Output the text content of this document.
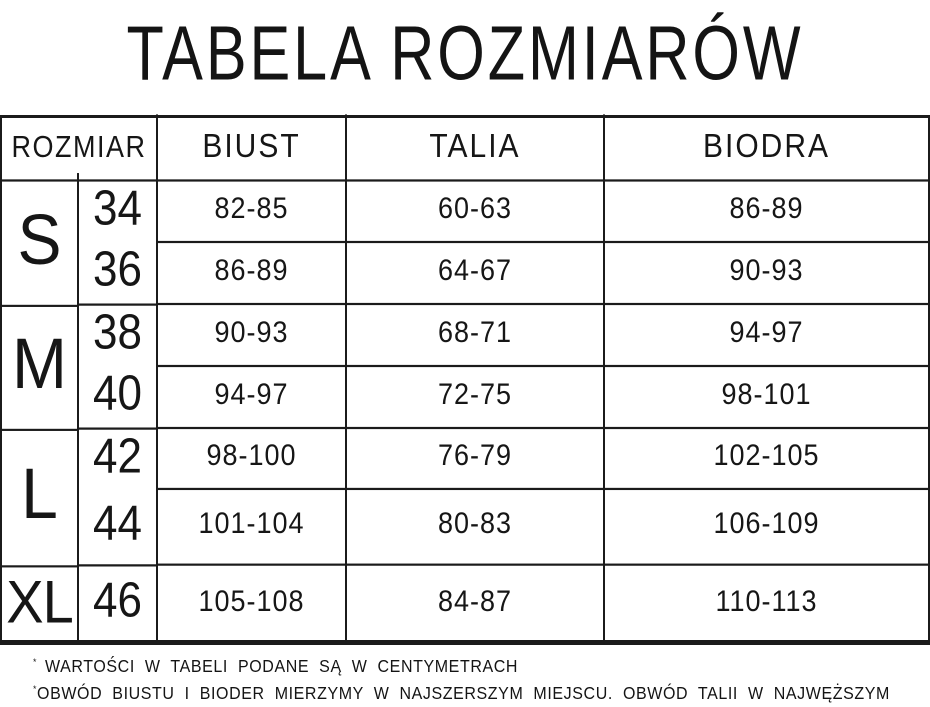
TABELA ROZMIARÓW
ROZMIAR	BIUST	TALIA	BIODRA
S 34	82-85	60-63	86-89
36	86-89	64-67	90-93
M 38	90-93	68-71	94-97
40	94-97	72-75	98-101
L 42	98-100	76-79	102-105
44	101-104	80-83	106-109
XL 46	105-108	84-87	110-113
* WARTOŚCI W TABELI PODANE SĄ W CENTYMETRACH
*OBWÓD BIUSTU I BIODER MIERZYMY W NAJSZERSZYM MIEJSCU. OBWÓD TALII W NAJWĘŻSZYM
